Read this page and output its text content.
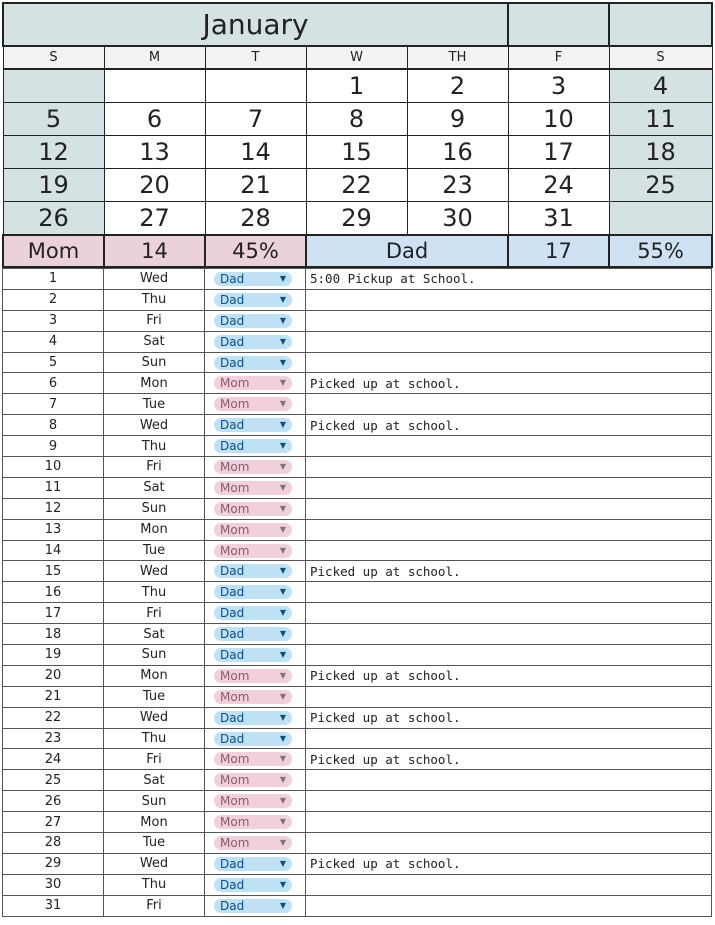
January						
S	M	T	W	TH	F	S
			1	2	3	4
5	6	7	8	9	10	11
12	13	14	15	16	17	18
19	20	21	22	23	24	25
26	27	28	29	30	31	
Mom	14	45%	Dad		17	55%
1	Wed	Dad ▼	5:00 Pickup at School.
2	Thu	Dad ▼	

3	Fri	Dad ▼	

4	Sat	Dad ▼	

5	Sun	Dad ▼	

6	Mon	Mom ▼	Picked up at school.
7	Tue	Mom ▼	

8	Wed	Dad ▼	Picked up at school.
9	Thu	Dad ▼	

10	Fri	Mom ▼	

11	Sat	Mom ▼	

12	Sun	Mom ▼	

13	Mon	Mom ▼	

14	Tue	Mom ▼	

15	Wed	Dad ▼	Picked up at school.
16	Thu	Dad ▼	

17	Fri	Dad ▼	

18	Sat	Dad ▼	

19	Sun	Dad ▼	

20	Mon	Mom ▼	Picked up at school.
21	Tue	Mom ▼	

22	Wed	Dad ▼	Picked up at school.
23	Thu	Dad ▼	

24	Fri	Mom ▼	Picked up at school.
25	Sat	Mom ▼	

26	Sun	Mom ▼	

27	Mon	Mom ▼	

28	Tue	Mom ▼	

29	Wed	Dad ▼	Picked up at school.
30	Thu	Dad ▼	

31	Fri	Dad ▼	
